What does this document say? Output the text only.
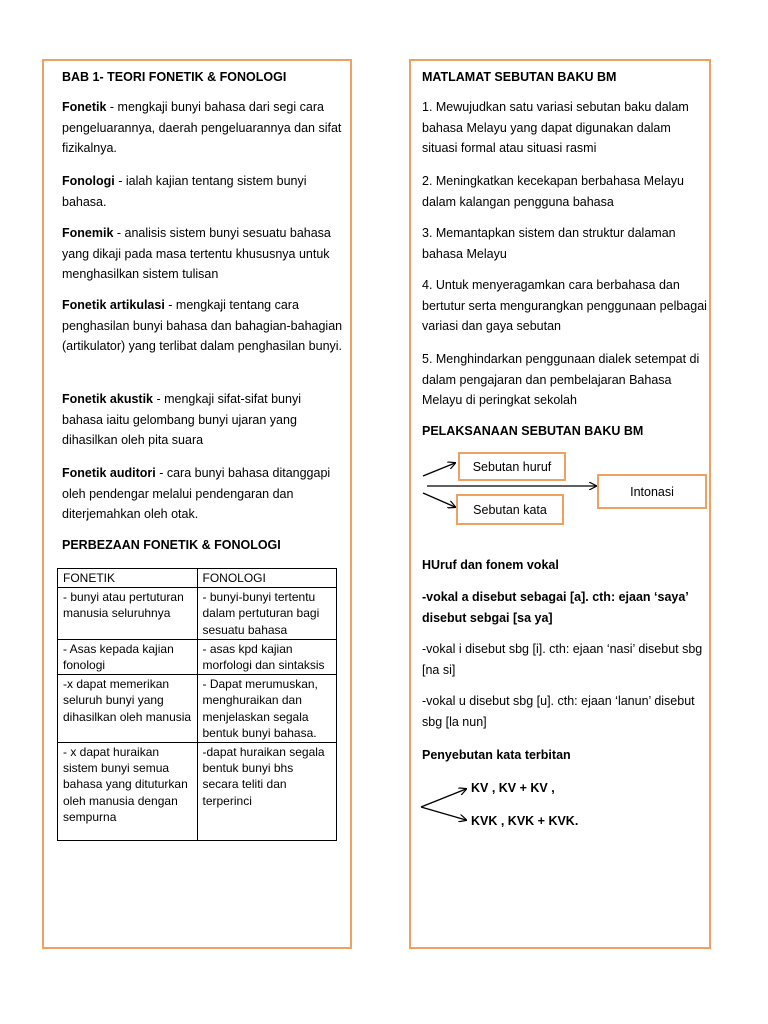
BAB 1- TEORI FONETIK & FONOLOGI

Fonetik - mengkaji bunyi bahasa dari segi cara pengeluarannya, daerah pengeluarannya dan sifat fizikalnya.

Fonologi - ialah kajian tentang sistem bunyi bahasa.

Fonemik - analisis sistem bunyi sesuatu bahasa yang dikaji pada masa tertentu khususnya untuk menghasilkan sistem tulisan

Fonetik artikulasi - mengkaji tentang cara penghasilan bunyi bahasa dan bahagian-bahagian (artikulator) yang terlibat dalam penghasilan bunyi.

Fonetik akustik - mengkaji sifat-sifat bunyi bahasa iaitu gelombang bunyi ujaran yang dihasilkan oleh pita suara

Fonetik auditori - cara bunyi bahasa ditanggapi oleh pendengar melalui pendengaran dan diterjemahkan oleh otak.

PERBEZAAN FONETIK & FONOLOGI

FONETIK	FONOLOGI
- bunyi atau pertuturan manusia seluruhnya	- bunyi-bunyi tertentu dalam pertuturan bagi sesuatu bahasa
- Asas kepada kajian fonologi	- asas kpd kajian morfologi dan sintaksis
-x dapat memerikan seluruh bunyi yang dihasilkan oleh manusia	- Dapat merumuskan, menghuraikan dan menjelaskan segala bentuk bunyi bahasa.
- x dapat huraikan sistem bunyi semua bahasa yang dituturkan oleh manusia dengan sempurna	-dapat huraikan segala bentuk bunyi bhs secara teliti dan terperinci

MATLAMAT SEBUTAN BAKU BM

1. Mewujudkan satu variasi sebutan baku dalam bahasa Melayu yang dapat digunakan dalam situasi formal atau situasi rasmi

2. Meningkatkan kecekapan berbahasa Melayu dalam kalangan pengguna bahasa

3. Memantapkan sistem dan struktur dalaman bahasa Melayu

4. Untuk menyeragamkan cara berbahasa dan bertutur serta mengurangkan penggunaan pelbagai variasi dan gaya sebutan

5. Menghindarkan penggunaan dialek setempat di dalam pengajaran dan pembelajaran Bahasa Melayu di peringkat sekolah

PELAKSANAAN SEBUTAN BAKU BM

Sebutan huruf
Sebutan kata
Intonasi

HUruf dan fonem vokal

-vokal a disebut sebagai [a]. cth: ejaan ‘saya’ disebut sebgai [sa ya]

-vokal i disebut sbg [i]. cth: ejaan ‘nasi’ disebut sbg [na si]

-vokal u disebut sbg [u]. cth: ejaan ‘lanun’ disebut sbg [la nun]

Penyebutan kata terbitan

KV , KV + KV ,

KVK , KVK + KVK.
